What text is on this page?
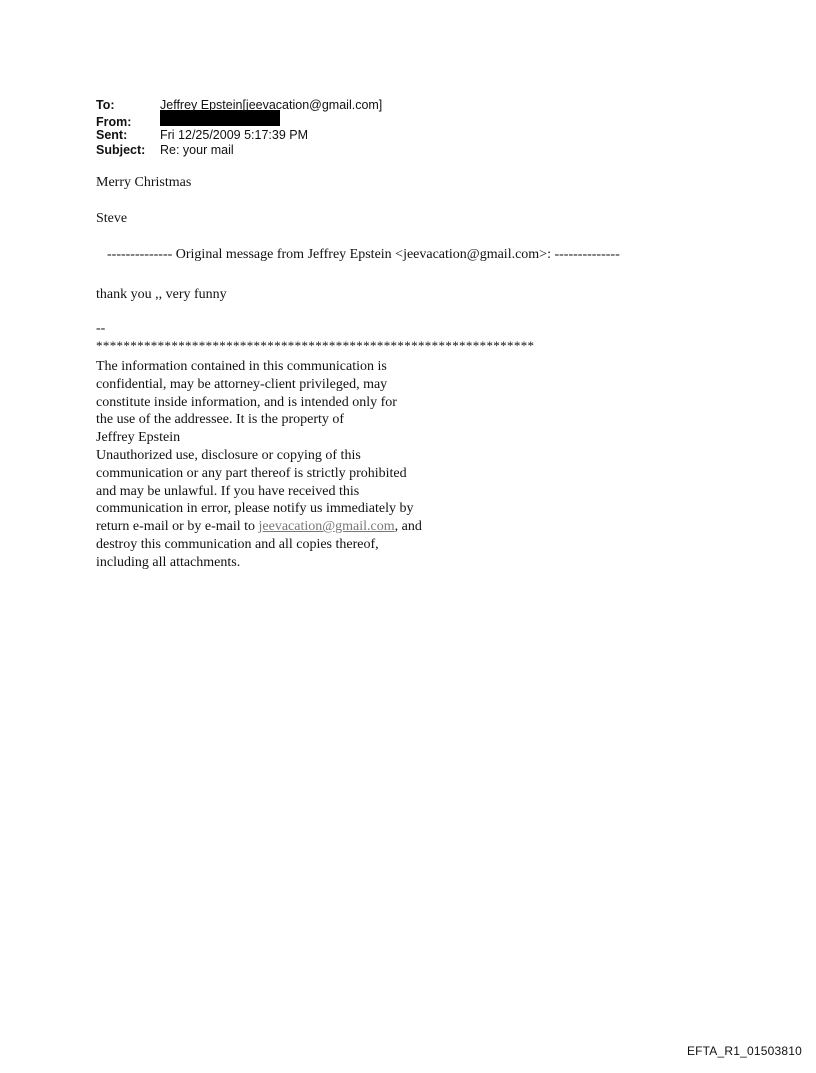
To:	Jeffrey Epstein[jeevacation@gmail.com]
From:
Sent:	Fri 12/25/2009 5:17:39 PM
Subject:	Re: your mail
Merry Christmas
Steve
-------------- Original message from Jeffrey Epstein <jeevacation@gmail.com>: --------------
thank you ,, very funny
--
****************************************************************
The information contained in this communication is
confidential, may be attorney-client privileged, may
constitute inside information, and is intended only for
the use of the addressee. It is the property of
Jeffrey Epstein
Unauthorized use, disclosure or copying of this
communication or any part thereof is strictly prohibited
and may be unlawful. If you have received this
communication in error, please notify us immediately by
return e-mail or by e-mail to jeevacation@gmail.com, and
destroy this communication and all copies thereof,
including all attachments.
EFTA_R1_01503810
